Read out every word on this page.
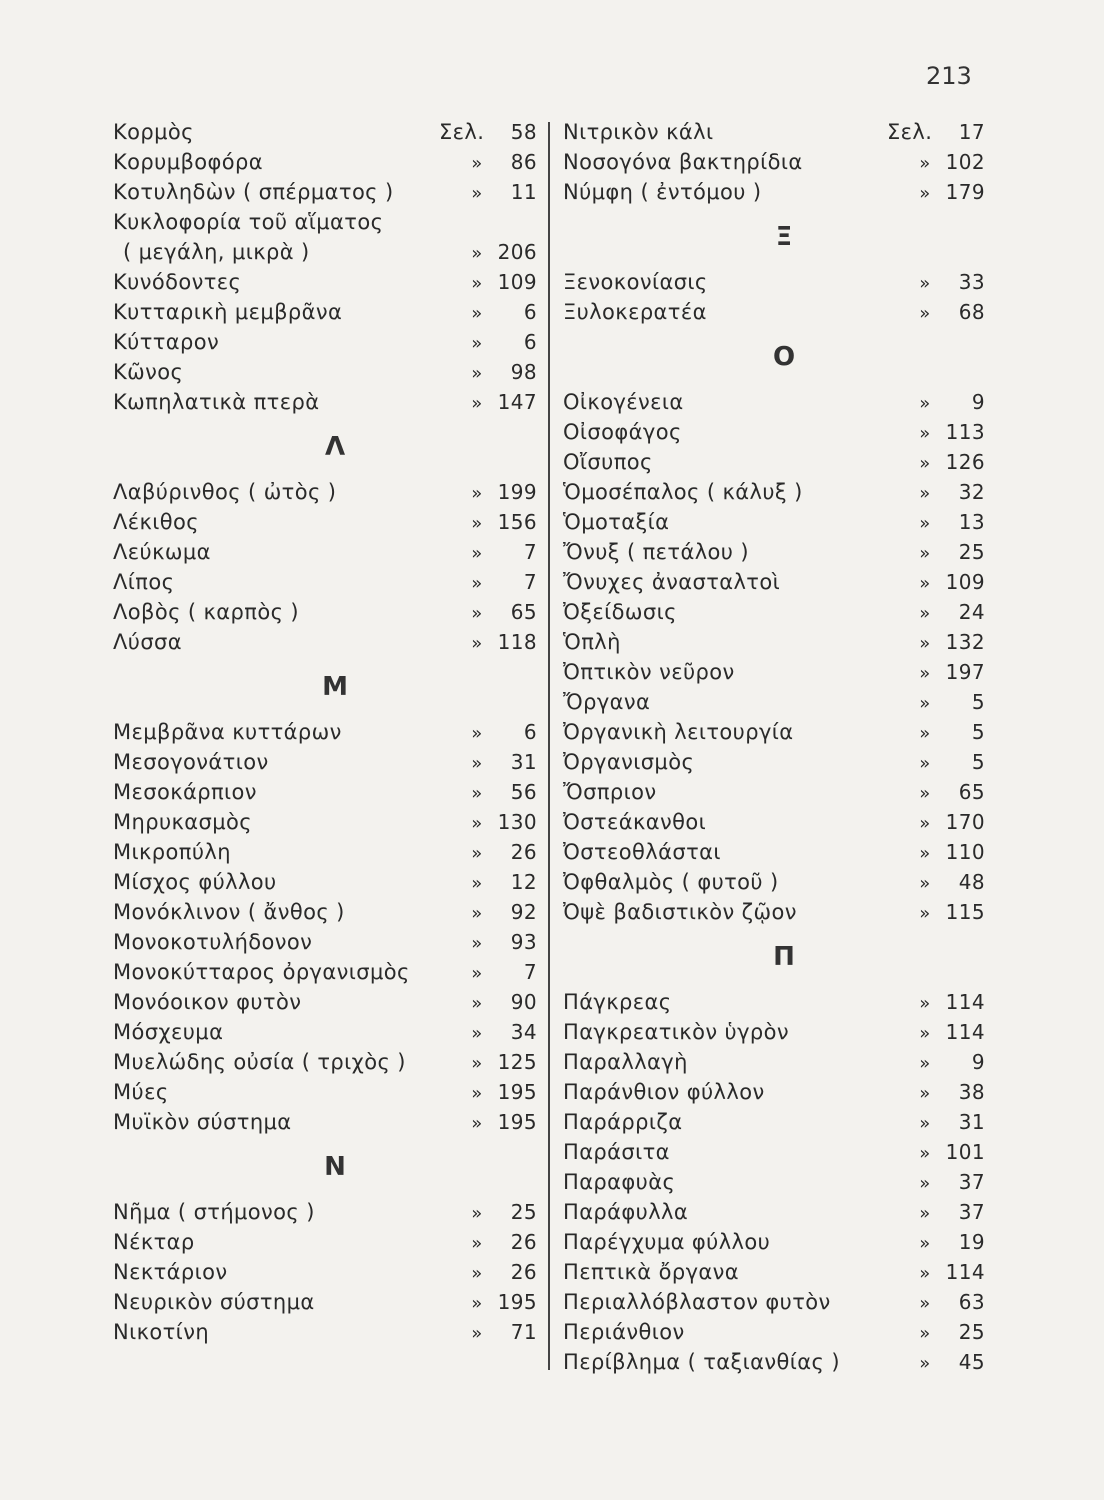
213
Κορμὸς	Σελ.	58
Κορυμβοφόρα	»	86
Κοτυληδὼν ( σπέρματος )	»	11
Κυκλοφορία τοῦ αἵματος
( μεγάλη, μικρὰ )	» 206
Κυνόδοντες	» 109
Κυτταρικὴ μεμβρᾶνα	»	6
Κύτταρον	»	6
Κῶνος	»	98
Κωπηλατικὰ πτερὰ	» 147
Λ
Λαβύρινθος ( ὠτὸς )	» 199
Λέκιθος	» 156
Λεύκωμα	»	7
Λίπος	»	7
Λοβὸς ( καρπὸς )	»	65
Λύσσα	» 118
Μ
Μεμβρᾶνα κυττάρων	»	6
Μεσογονάτιον	»	31
Μεσοκάρπιον	»	56
Μηρυκασμὸς	» 130
Μικροπύλη	»	26
Μίσχος φύλλου	»	12
Μονόκλινον ( ἄνθος )	»	92
Μονοκοτυλήδονον	»	93
Μονοκύτταρος ὀργανισμὸς	»	7
Μονόοικον φυτὸν	»	90
Μόσχευμα	»	34
Μυελώδης οὐσία ( τριχὸς )	» 125
Μύες	» 195
Μυϊκὸν σύστημα	» 195
Ν
Νῆμα ( στήμονος )	»	25
Νέκταρ	»	26
Νεκτάριον	»	26
Νευρικὸν σύστημα	» 195
Νικοτίνη	»	71
Νιτρικὸν κάλι	Σελ.	17
Νοσογόνα βακτηρίδια	» 102
Νύμφη ( ἐντόμου )	» 179
Ξ
Ξενοκονίασις	»	33
Ξυλοκερατέα	»	68
Ο
Οἰκογένεια	»	9
Οἰσοφάγος	» 113
Οἴσυπος	» 126
Ὁμοσέπαλος ( κάλυξ )	»	32
Ὁμοταξία	»	13
Ὄνυξ ( πετάλου )	»	25
Ὄνυχες ἀνασταλτοὶ	» 109
Ὀξείδωσις	»	24
Ὁπλὴ	» 132
Ὀπτικὸν νεῦρον	» 197
Ὄργανα	»	5
Ὀργανικὴ λειτουργία	»	5
Ὀργανισμὸς	»	5
Ὄσπριον	»	65
Ὀστεάκανθοι	» 170
Ὀστεοθλάσται	» 110
Ὀφθαλμὸς ( φυτοῦ )	»	48
Ὀψὲ βαδιστικὸν ζῷον	» 115
Π
Πάγκρεας	» 114
Παγκρεατικὸν ὑγρὸν	» 114
Παραλλαγὴ	»	9
Παράνθιον φύλλον	»	38
Παράρριζα	»	31
Παράσιτα	» 101
Παραφυὰς	»	37
Παράφυλλα	»	37
Παρέγχυμα φύλλου	»	19
Πεπτικὰ ὄργανα	» 114
Περιαλλόβλαστον φυτὸν	»	63
Περιάνθιον	»	25
Περίβλημα ( ταξιανθίας )	»	45
